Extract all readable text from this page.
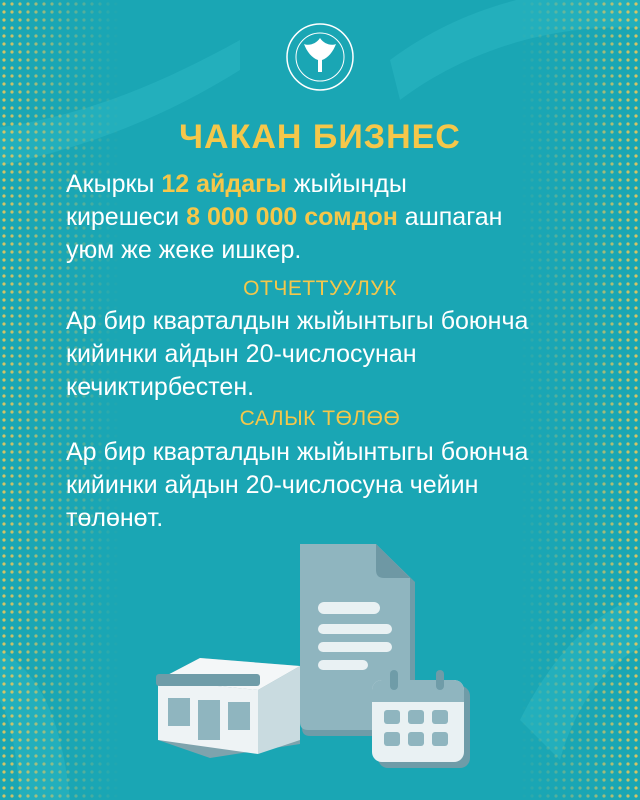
ЧАКАН БИЗНЕС
Акыркы 12 айдагы жыйынды
кирешеси 8 000 000 сомдон ашпаган
уюм же жеке ишкер.
ОТЧЕТТУУЛУК
Ар бир кварталдын жыйынтыгы боюнча
кийинки айдын 20-числосунан
кечиктирбестен.
САЛЫК ТӨЛӨӨ
Ар бир кварталдын жыйынтыгы боюнча
кийинки айдын 20-числосуна чейин
төлөнөт.
